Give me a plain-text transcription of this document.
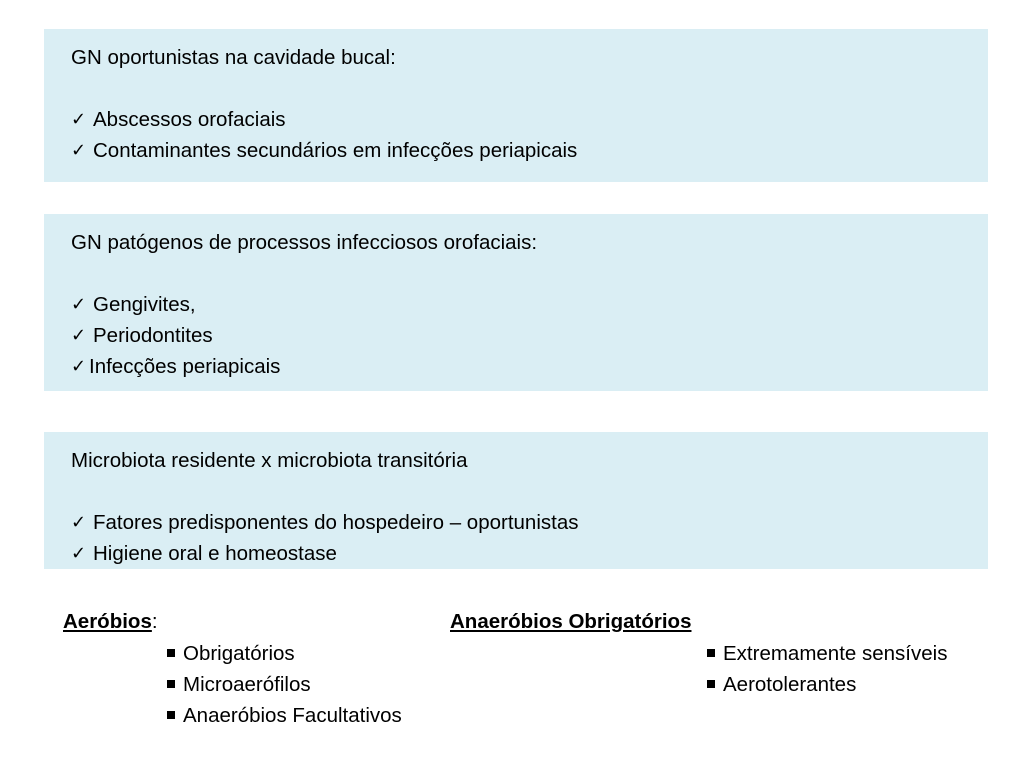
GN oportunistas na cavidade bucal:
✓ Abscessos orofaciais
✓ Contaminantes secundários em infecções periapicais
GN patógenos de processos infecciosos orofaciais:
✓ Gengivites,
✓ Periodontites
✓ Infecções periapicais
Microbiota residente x microbiota transitória
✓ Fatores predisponentes do hospedeiro – oportunistas
✓ Higiene oral e homeostase
Aeróbios:
Obrigatórios
Microaerófilos
Anaeróbios Facultativos
Anaeróbios Obrigatórios
Extremamente sensíveis
Aerotolerantes
